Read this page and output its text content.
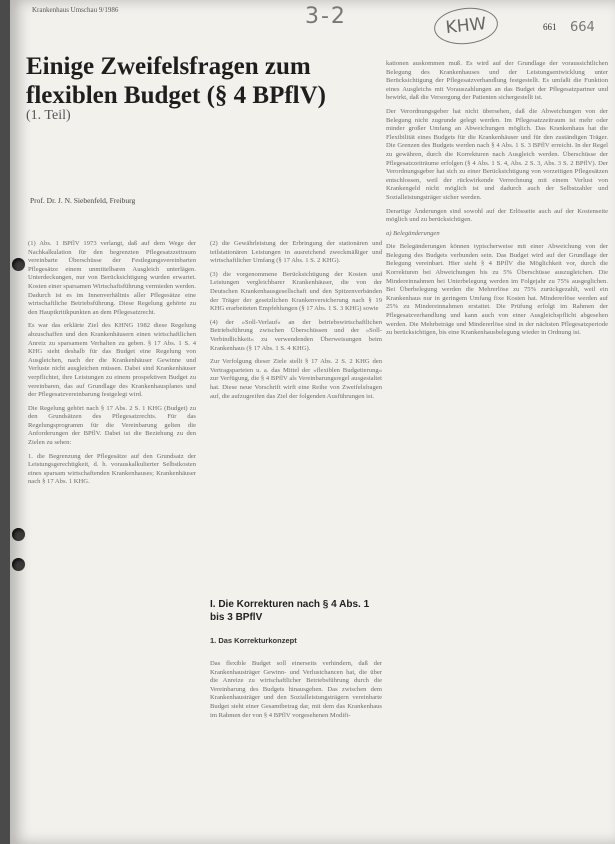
Krankenhaus Umschau 9/1986	3-2	KHW	661 664
Einige Zweifelsfragen zum flexiblen Budget (§ 4 BPflV)
(1. Teil)
Prof. Dr. J. N. Siebenfeld, Freiburg

(1) Abs. 1 BPflV 1973 verlangt, daß auf dem Wege der Nachkalkulation für den begrenzten Pflegesatzzeitraum vereinbarte Überschüsse der Festlegungsvereinbarten Pflegesätze einem unmittelbaren Ausgleich unterlägen. Unterdeckungen, nur von Berücksichtigung wurden erwartet. Kosten einer sparsamen Wirtschaftsführung vermieden werden. Dadurch ist es im Innenverhältnis aller Pflegesätze eine wirtschaftliche Betriebsführung. Diese Regelung gehörte zu den Hauptkritikpunkten an dem Pflegesatzrecht.

Es war das erklärte Ziel des KHNG 1982 diese Regelung abzuschaffen und den Krankenhäusern einen wirtschaftlichen Anreiz zu sparsamem Verhalten zu geben. § 17 Abs. 1 S. 4 KHG sieht deshalb für das Budget eine Regelung von Ausgleichen, nach der die Krankenhäuser Gewinne und Verluste nicht ausgleichen müssen. Dabei sind Krankenhäuser verpflichtet, ihre Leistungen zu einem prospektiven Budget zu vereinbaren, das auf Grundlage des Krankenhausplanes und der Pflegesatzvereinbarung festgelegt wird.

Die Regelung gehört nach § 17 Abs. 2 S. 1 KHG (Budget) zu den Grundsätzen des Pflegesatzrechts. Für das Regelungsprogramm für die Vereinbarung gelten die Anforderungen der BPflV. Dabei ist die Beziehung zu den Zielen zu sehen:

1. die Begrenzung der Pflegesätze auf den Grundsatz der Leistungsgerechtigkeit, d. h. vorauskalkulierter Selbstkosten eines sparsam wirtschaftenden Krankenhauses; Krankenhäuser nach § 17 Abs. 1 KHG.

(2) die Gewährleistung der Erbringung der stationären und teilstationären Leistungen in ausreichend zweckmäßiger und wirtschaftlicher Umfang (§ 17 Abs. 1 S. 2 KHG).

(3) die vorgenommene Berücksichtigung der Kosten und Leistungen vergleichbarer Krankenhäuser, die von der Deutschen Krankenhausgesellschaft und den Spitzenverbänden der Träger der gesetzlichen Krankenversicherung nach § 19 KHG erarbeiteten Empfehlungen (§ 17 Abs. 1 S. 3 KHG) sowie

(4) der »Soll-Verlauf« an der betriebswirtschaftlichen Betriebsführung zwischen Überschüssen und der »Soll-Verbindlichkeit« zu verwendenden Überweisungen beim Krankenhaus (§ 17 Abs. 1 S. 4 KHG).

Zur Verfolgung dieser Ziele stellt § 17 Abs. 2 S. 2 KHG den Vertragsparteien u. a. das Mittel der »flexiblen Budgetierung« zur Verfügung, die § 4 BPflV als Vereinbarungsregel ausgestaltet hat. Diese neue Vorschrift wirft eine Reihe von Zweifelsfragen auf, die aufzugreifen das Ziel der folgenden Ausführungen ist.

I. Die Korrekturen nach § 4 Abs. 1 bis 3 BPflV
1. Das Korrekturkonzept

Das flexible Budget soll einerseits verhindern, daß der Krankenhausträger Gewinn- und Verlustchancen hat, die über die Anreize zu wirtschaftlicher Betriebsführung durch die Vereinbarung des Budgets hinausgehen. Das zwischen dem Krankenhausträger und den Sozialleistungsträgern vereinbarte Budget steht einer Gesamtbetrag dar, mit dem das Krankenhaus im Rahmen der von § 4 BPflV vorgesehenen Modifi-

kationen auskommen muß. Es wird auf der Grundlage der voraussichtlichen Belegung des Krankenhauses und der Leistungsentwicklung unter Berücksichtigung der Pflegesatzverhandlung festgestellt. Es umfaßt die Funktion eines Ausgleichs mit Vorauszahlungen an das Budget der Pflegesatzpartner und bewirkt, daß die Versorgung der Patienten sichergestellt ist.

Der Verordnungsgeber hat nicht übersehen, daß die Abweichungen von der Belegung nicht zugrunde gelegt werden. Im Pflegesatzzeitraum ist mehr oder minder großer Umfang an Abweichungen möglich. Das Krankenhaus hat die Flexibilität eines Budgets für die Krankenhäuser und für den zuständigen Träger. Die Grenzen des Budgets werden nach § 4 Abs. 1 S. 3 BPflV erreicht. In der Regel zu gewähren, durch die Korrekturen nach Ausgleich werden. Überschüsse der Pflegesatzzeiträume erfolgen (§ 4 Abs. 1 S. 4, Abs. 2 S. 3, Abs. 3 S. 2 BPflV). Der Verordnungsgeber hat sich zu einer Berücksichtigung von vorzeitigen Pflegesätzen entschlossen, weil der rückwirkende Verrechnung mit einem Verlust von Krankengeld nicht möglich ist und dadurch auch der Selbstzahler und Sozialleistungsträger sicher werden.

Derartige Änderungen sind sowohl auf der Erlösseite auch auf der Kostenseite möglich und zu berücksichtigen.

a) Belegänderungen

Die Belegänderungen können typischerweise mit einer Abweichung von der Belegung des Budgets verbunden sein. Das Budget wird auf der Grundlage der Belegung vereinbart. Hier sieht § 4 BPflV die Möglichkeit vor, durch die Korrekturen bei Abweichungen bis zu 5% Überschüsse auszugleichen. Die Mindereinnahmen bei Unterbelegung werden im Folgejahr zu 75% ausgeglichen. Bei Überbelegung werden die Mehrerlöse zu 75% zurückgezahlt, weil ein Krankenhaus nur in geringem Umfang fixe Kosten hat. Mindererlöse werden auf 25% zu Mindereinnahmen erstattet. Die Prüfung erfolgt im Rahmen der Pflegesatzverhandlung und kann auch von einer Ausgleichspflicht abgesehen werden. Die Mehrbeträge und Mindererlöse sind in der nächsten Pflegesatzperiode zu berücksichtigen, bis eine Krankenhausbelegung wieder in Ordnung ist.
